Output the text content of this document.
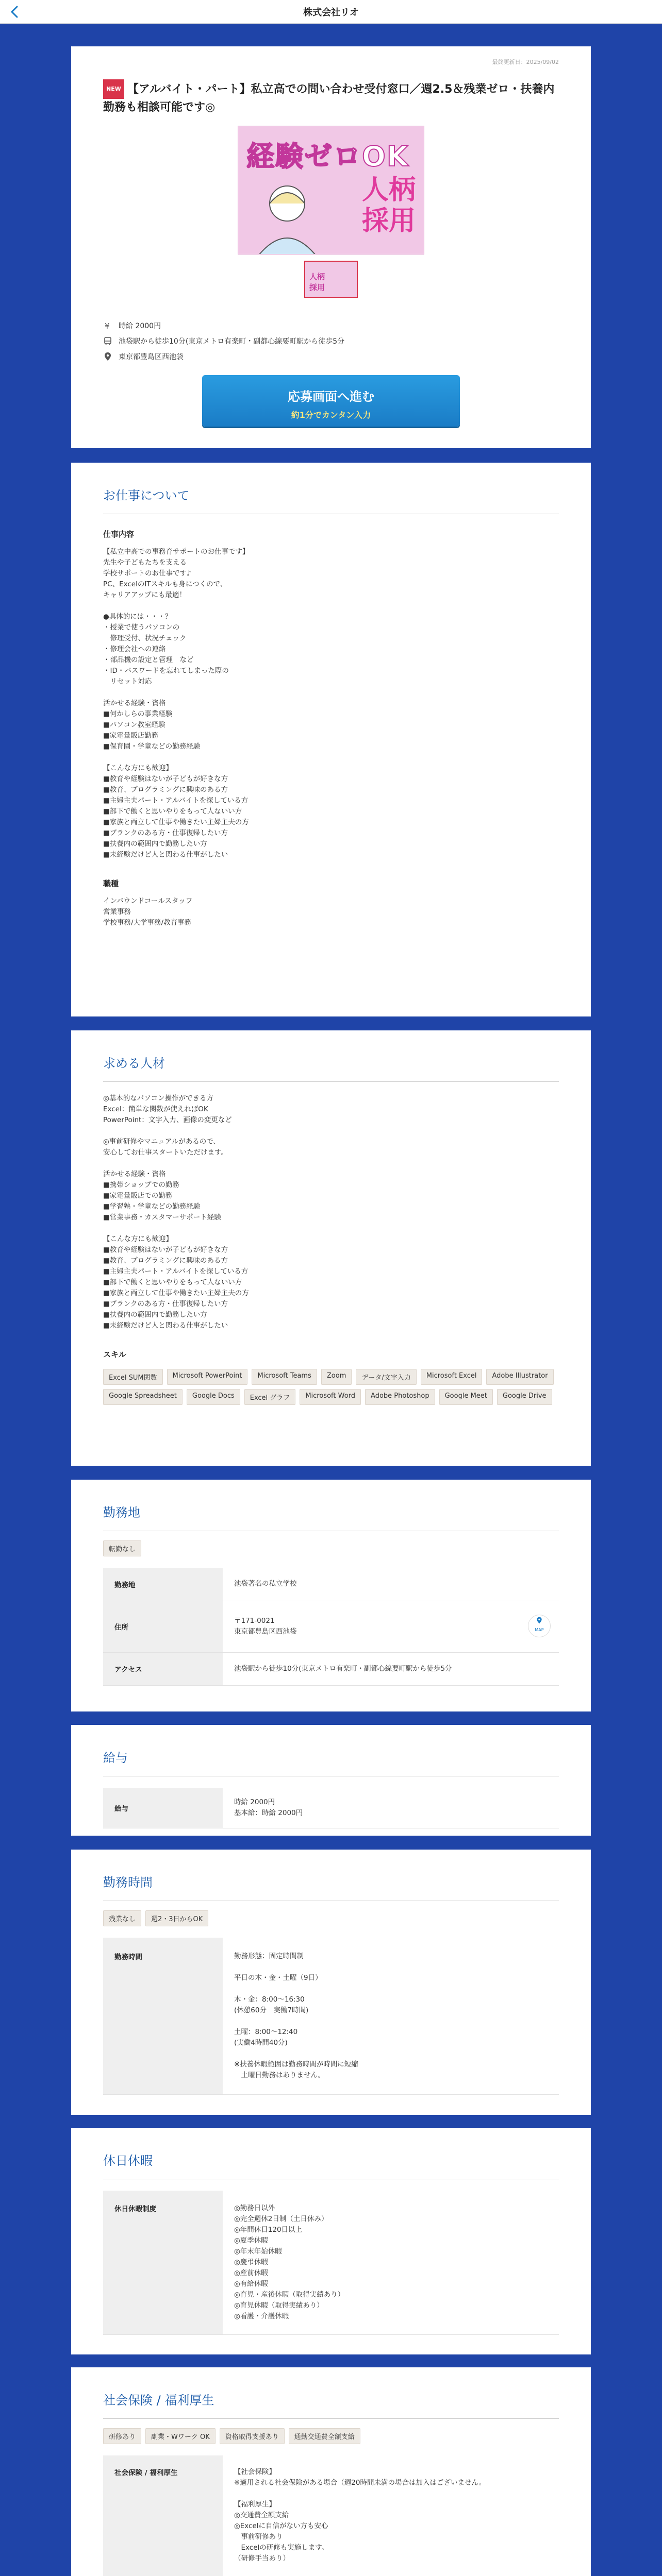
株式会社リオ
最終更新日：2025/09/02
NEW 【アルバイト・パート】私立高での問い合わせ受付窓口／週2.5＆残業ゼロ・扶養内勤務も相談可能です◎
経験ゼロOK
人柄
採用
人柄
採用
¥ 時給 2000円
池袋駅から徒歩10分(東京メトロ有楽町・副都心線要町駅から徒歩5分
東京都豊島区西池袋
応募画面へ進む
約1分でカンタン入力
お仕事について
仕事内容
【私立中高での事務育サポートのお仕事です】
先生や子どもたちを支える
学校サポートのお仕事です♪
PC、ExcelのITスキルも身につくので、
キャリアアップにも最適！

●具体的には・・・？
・授業で使うパソコンの
　修理受付、状況チェック
・修理会社への連絡
・部品機の設定と管理　など
・ID・パスワードを忘れてしまった際の
　リセット対応

活かせる経験・資格
■何かしらの事業経験
■パソコン教室経験
■家電量販店勤務
■保育園・学童などの勤務経験

【こんな方にも歓迎】
■教育や経験はないが子どもが好きな方
■教育、プログラミングに興味のある方
■主婦主夫パート・アルバイトを探している方
■部下で働くと思いやりをもって人ないい方
■家族と両立して仕事や働きたい主婦主夫の方
■ブランクのある方・仕事復帰したい方
■扶養内の範囲内で勤務したい方
■未経験だけど人と関わる仕事がしたい
職種
インバウンドコールスタッフ
営業事務
学校事務/大学事務/教育事務
求める人材
◎基本的なパソコン操作ができる方
Excel：簡単な関数が使えればOK
PowerPoint：文字入力、画像の変更など

◎事前研修やマニュアルがあるので、
安心してお仕事スタートいただけます。

活かせる経験・資格
■携帯ショップでの勤務
■家電量販店での勤務
■学習塾・学童などの勤務経験
■営業事務・カスタマーサポート経験

【こんな方にも歓迎】
■教育や経験はないが子どもが好きな方
■教育、プログラミングに興味のある方
■主婦主夫パート・アルバイトを探している方
■部下で働くと思いやりをもって人ないい方
■家族と両立して仕事や働きたい主婦主夫の方
■ブランクのある方・仕事復帰したい方
■扶養内の範囲内で勤務したい方
■未経験だけど人と関わる仕事がしたい
スキル
Excel SUM関数	Microsoft PowerPoint	Microsoft Teams	Zoom	データ/文字入力	Microsoft Excel	Adobe Illustrator
Google Spreadsheet	Google Docs	Excel グラフ	Microsoft Word	Adobe Photoshop	Google Meet	Google Drive
勤務地
転勤なし
勤務地	池袋著名の私立学校
住所	〒171-0021
東京都豊島区西池袋 MAP

アクセス	池袋駅から徒歩10分(東京メトロ有楽町・副都心線要町駅から徒歩5分
給与
給与	時給 2000円
基本給：時給 2000円
勤務時間
残業なし	週2・3日からOK
勤務時間	勤務形態：固定時間制

平日の木・金・土曜（9日）

木・金：8:00〜16:30
(休憩60分　実働7時間)

土曜：8:00〜12:40
(実働4時間40分)

※扶養休暇範囲は勤務時間が時間に短縮
　土曜日勤務はありません。
休日休暇
休日休暇制度	◎勤務日以外
◎完全週休2日制（土日休み）
◎年間休日120日以上
◎夏季休暇
◎年末年始休暇
◎慶弔休暇
◎産前休暇
◎有給休暇
◎育児・産後休暇（取得実績あり）
◎育児休暇（取得実績あり）
◎看護・介護休暇
社会保険 / 福利厚生
研修あり	副業・Wワーク OK	資格取得支援あり	通勤交通費全額支給
社会保険 / 福利厚生	【社会保険】
※適用される社会保険がある場合（週20時間未満の場合は加入はございません。

【福利厚生】
◎交通費全額支給
◎Excelに自信がない方も安心
　事前研修あり
　Excelの研修も実施します。
（研修手当あり）
